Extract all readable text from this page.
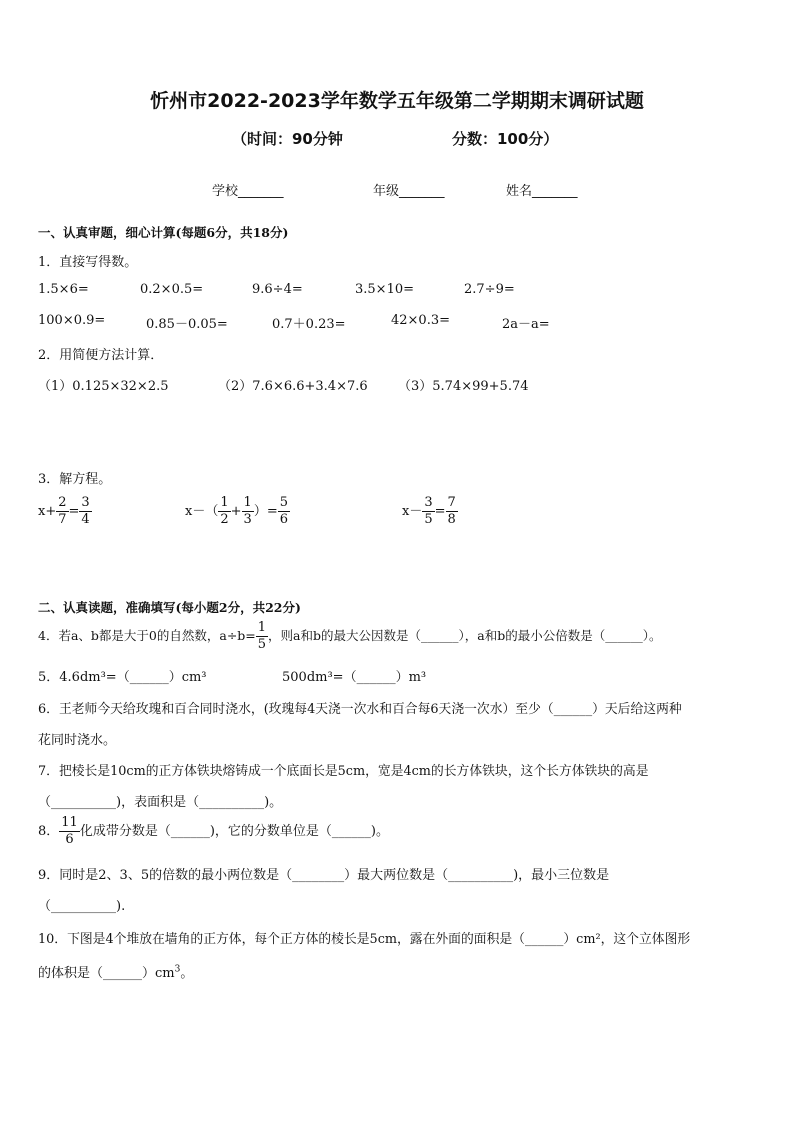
忻州市2022-2023学年数学五年级第二学期期末调研试题
（时间：90分钟	分数：100分）
学校_______	年级_______	姓名_______
一、认真审题，细心计算(每题6分，共18分)
1．直接写得数。
1.5×6=	0.2×0.5=	9.6÷4=	3.5×10=	2.7÷9=
100×0.9=	0.85－0.05=	0.7＋0.23=	42×0.3=	2a－a=
2．用简便方法计算．
（1）0.125×32×2.5	（2）7.6×6.6+3.4×7.6 （3）5.74×99+5.74
3．解方程。
$x+ \frac{2}{7} = \frac{3}{4}$	$x-( \frac{1}{2} + \frac{1}{3}$ ）= $\frac{5}{6}$	$x- \frac{3}{5} = \frac{7}{8}$
二、认真读题，准确填写(每小题2分，共22分)
4．若a、b都是大于0的自然数，$a\div b= \frac{1}{5}$ ，则a和b的最大公因数是（______），a和b的最小公倍数是（______）。
5．4.6dm³=（______）cm³	500dm³=（______）m³
6．王老师今天给玫瑰和百合同时浇水，(玫瑰每4天浇一次水和百合每6天浇一次水）至少（______）天后给这两种
花同时浇水。
7．把棱长是10cm的正方体铁块熔铸成一个底面长是5cm，宽是4cm的长方体铁块，这个长方体铁块的高是
（__________)，表面积是（__________)。
8． $\frac{11}{6}$ 化成带分数是（______)，它的分数单位是（______)。
9．同时是2、3、5的倍数的最小两位数是（________）最大两位数是（__________)，最小三位数是
（__________).
10．下图是4个堆放在墙角的正方体，每个正方体的棱长是5cm，露在外面的面积是（______）cm²，这个立体图形
的体积是$(\_\_\_\_\_\_)cm^3$。
